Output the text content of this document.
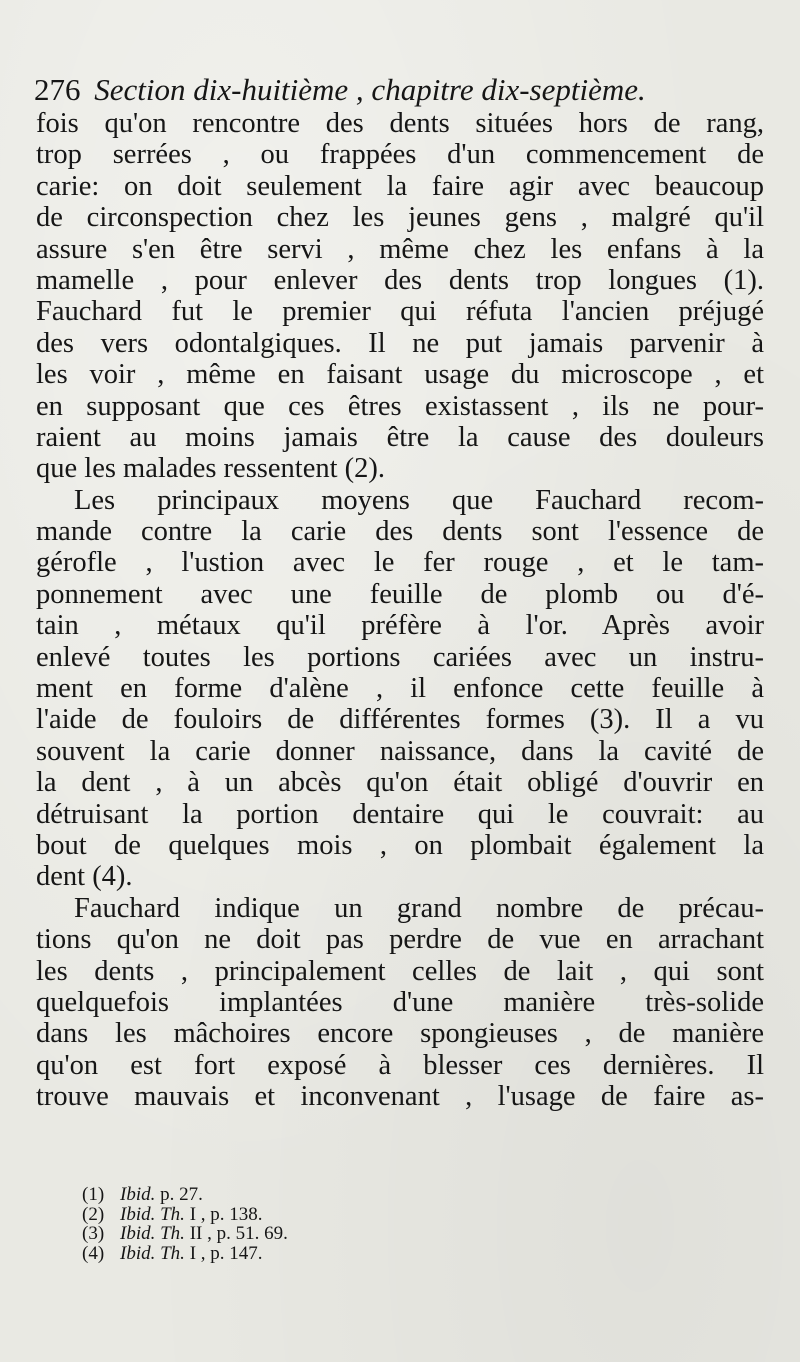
276 Section dix-huitième , chapitre dix-septième.
fois qu'on rencontre des dents situées hors de rang,
trop serrées , ou frappées d'un commencement de
carie: on doit seulement la faire agir avec beaucoup
de circonspection chez les jeunes gens , malgré qu'il
assure s'en être servi , même chez les enfans à la
mamelle , pour enlever des dents trop longues (1).
Fauchard fut le premier qui réfuta l'ancien préjugé
des vers odontalgiques. Il ne put jamais parvenir à
les voir , même en faisant usage du microscope , et
en supposant que ces êtres existassent , ils ne pour-
raient au moins jamais être la cause des douleurs
que les malades ressentent (2).
Les principaux moyens que Fauchard recom-
mande contre la carie des dents sont l'essence de
gérofle , l'ustion avec le fer rouge , et le tam-
ponnement avec une feuille de plomb ou d'é-
tain , métaux qu'il préfère à l'or. Après avoir
enlevé toutes les portions cariées avec un instru-
ment en forme d'alène , il enfonce cette feuille à
l'aide de fouloirs de différentes formes (3). Il a vu
souvent la carie donner naissance, dans la cavité de
la dent , à un abcès qu'on était obligé d'ouvrir en
détruisant la portion dentaire qui le couvrait: au
bout de quelques mois , on plombait également la
dent (4).
Fauchard indique un grand nombre de précau-
tions qu'on ne doit pas perdre de vue en arrachant
les dents , principalement celles de lait , qui sont
quelquefois implantées d'une manière très-solide
dans les mâchoires encore spongieuses , de manière
qu'on est fort exposé à blesser ces dernières. Il
trouve mauvais et inconvenant , l'usage de faire as-
(1) Ibid. p. 27.
(2) Ibid. Th. I , p. 138.
(3) Ibid. Th. II , p. 51. 69.
(4) Ibid. Th. I , p. 147.
